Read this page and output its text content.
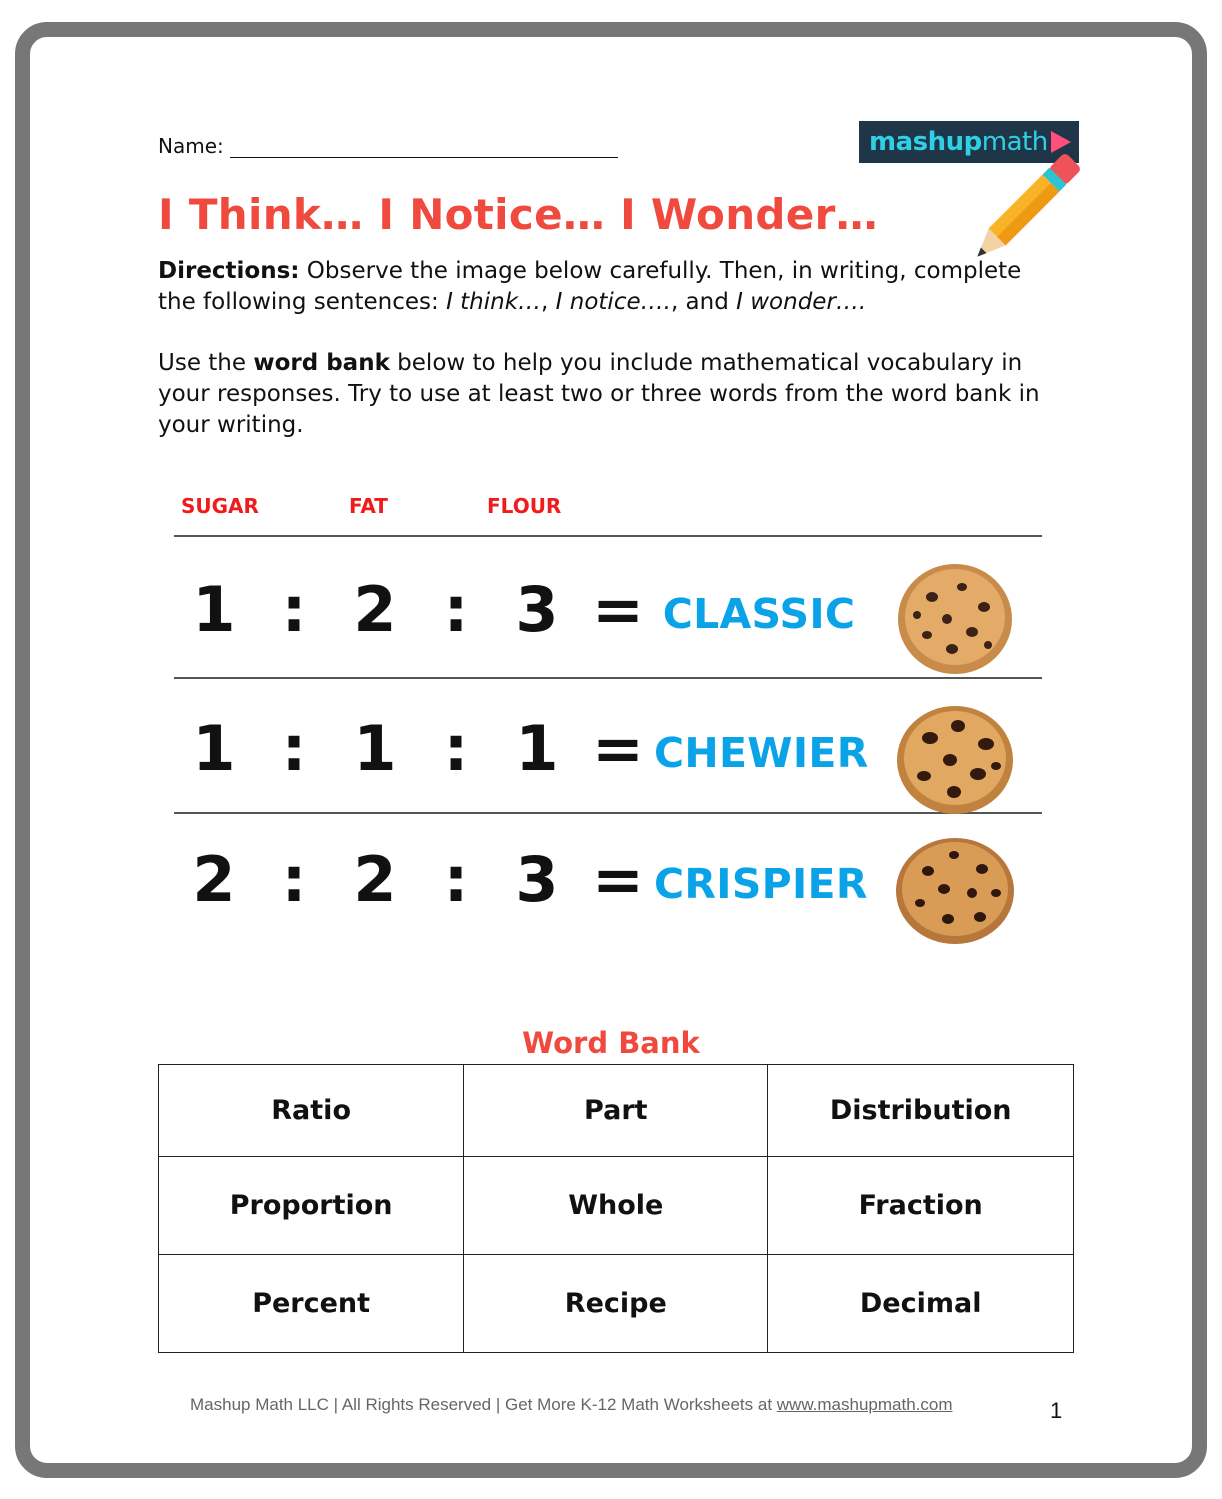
Name:	mashup math
I Think… I Notice… I Wonder…

Directions: Observe the image below carefully. Then, in writing, complete the following sentences: I think…, I notice…., and I wonder….

Use the word bank below to help you include mathematical vocabulary in your responses. Try to use at least two or three words from the word bank in your writing.

SUGAR	FAT	FLOUR
1 : 2 : 3 = CLASSIC
1 : 1 : 1 = CHEWIER
2 : 2 : 3 = CRISPIER
Word Bank
Ratio	Part	Distribution
Proportion	Whole	Fraction
Percent	Recipe	Decimal
Mashup Math LLC | All Rights Reserved | Get More K-12 Math Worksheets at www.mashupmath.com	1
